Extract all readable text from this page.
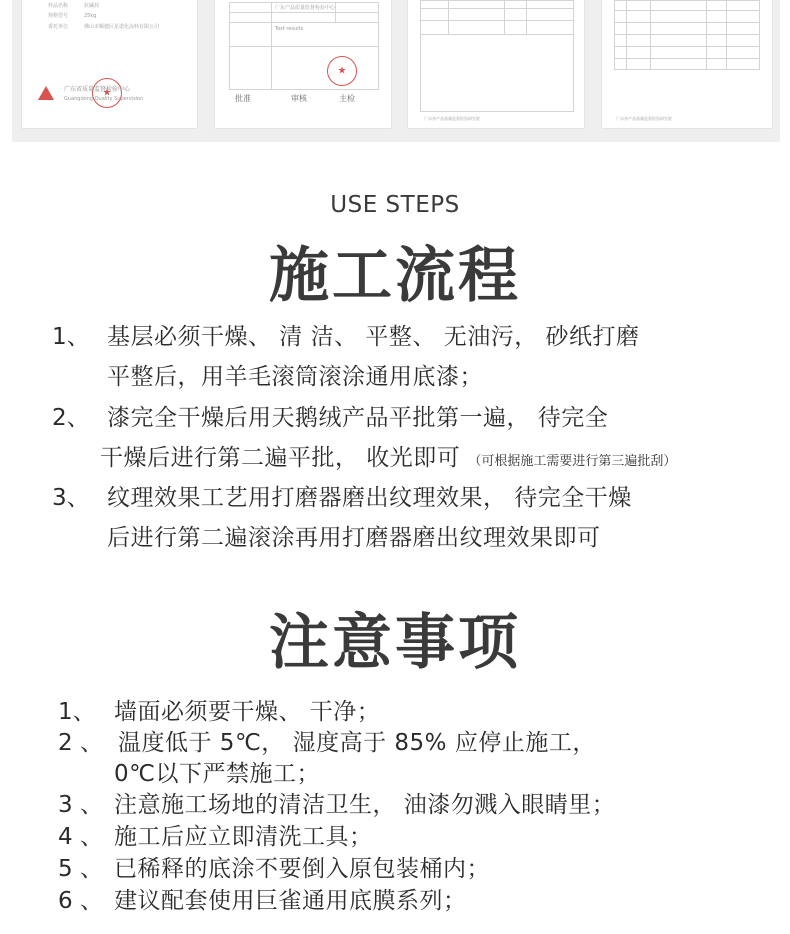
样品名称	抗碱封
规格型号	25kg
委托单位	佛山市顺德区星诺化涂料有限公司

★
广东省质量监督检验中心
Guangdong Quality Supervision
广东产品质量监督检验中心
Test results
★
批准	审核	主检
广东省产品质量监督检验研究院	广东省产品质量监督检验研究院
USE STEPS
施工流程
1、 基层必须干燥、 清 洁、 平整、 无油污， 砂纸打磨
平整后，用羊毛滚筒滚涂通用底漆；
2、 漆完全干燥后用天鹅绒产品平批第一遍， 待完全
干燥后进行第二遍平批， 收光即可 （可根据施工需要进行第三遍批刮）
3、 纹理效果工艺用打磨器磨出纹理效果， 待完全干燥
后进行第二遍滚涂再用打磨器磨出纹理效果即可
注意事项
1、 墙面必须要干燥、 干净；
2 、 温度低于 5℃， 湿度高于 85% 应停止施工，
0℃以下严禁施工；
3 、 注意施工场地的清洁卫生， 油漆勿溅入眼睛里；
4 、 施工后应立即清洗工具；
5 、 已稀释的底涂不要倒入原包装桶内；
6 、 建议配套使用巨雀通用底膜系列；
